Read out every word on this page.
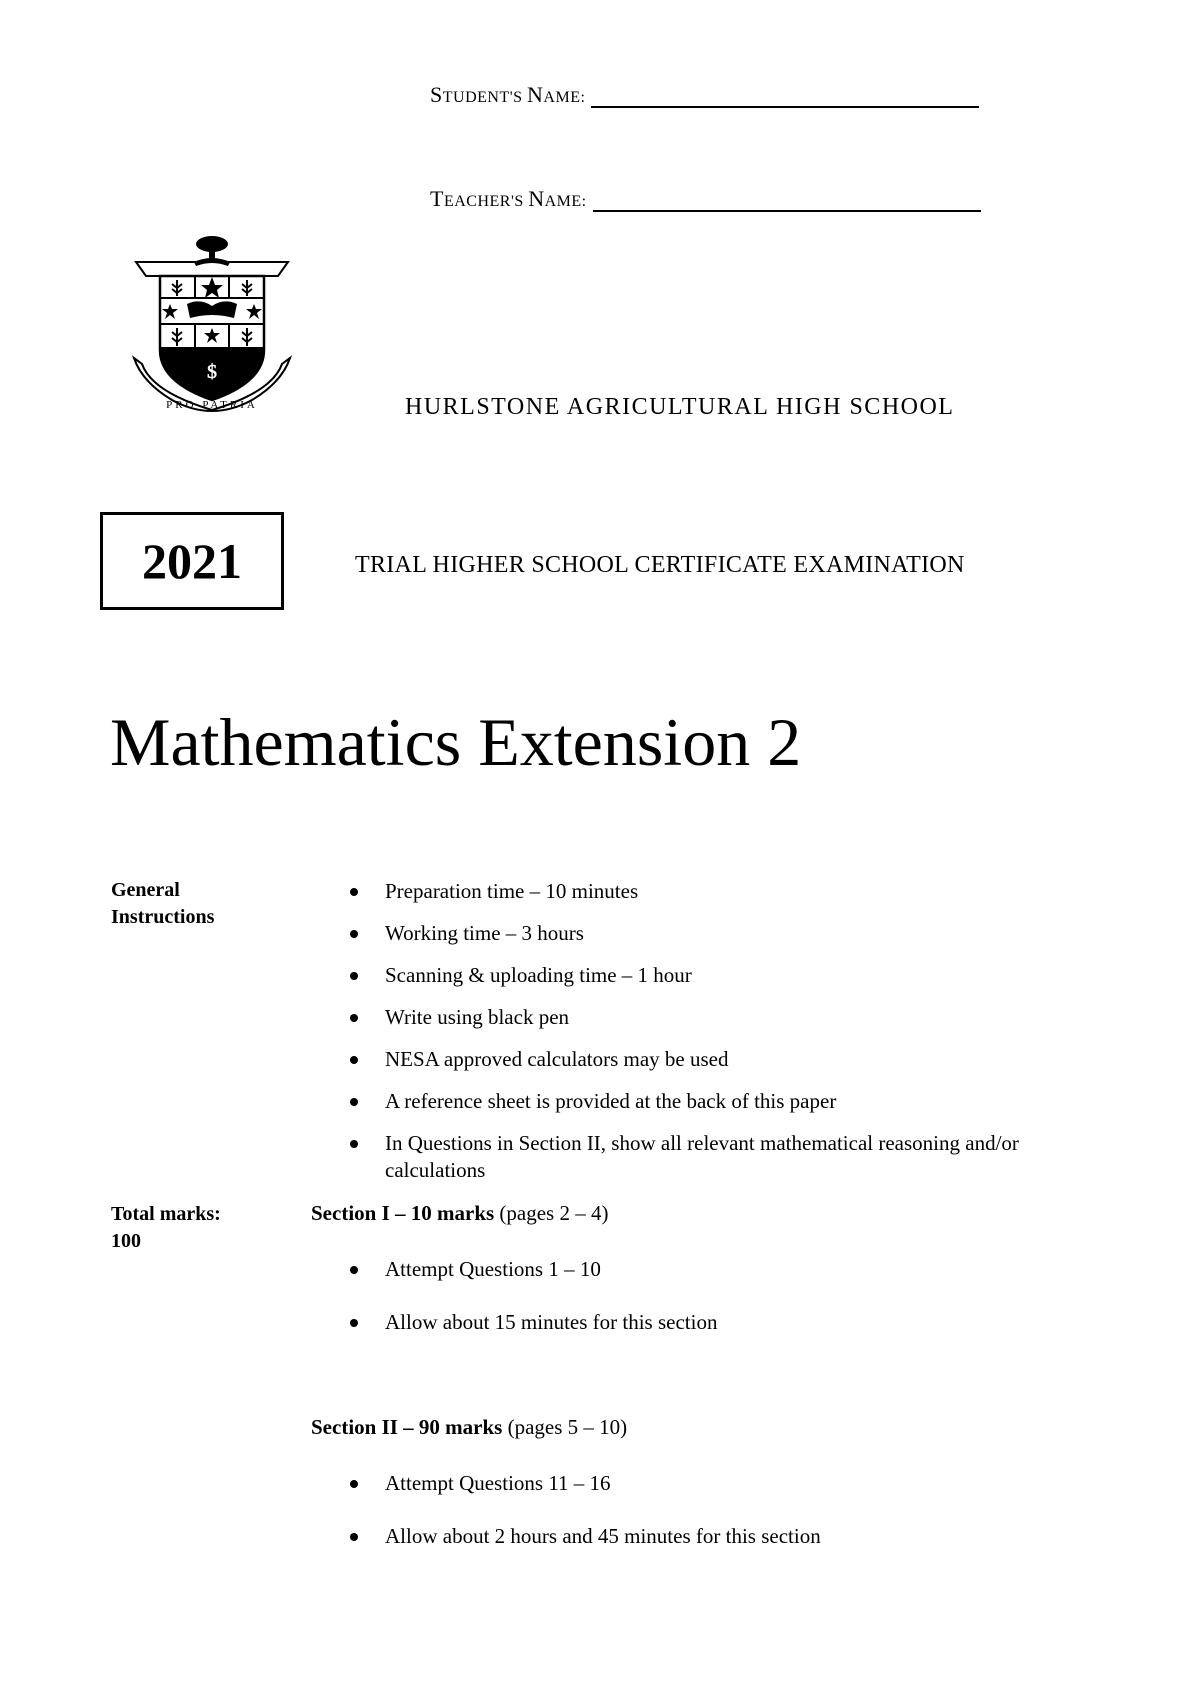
STUDENT'S NAME:
TEACHER'S NAME:
$
PRO PATRIA	HURLSTONE AGRICULTURAL HIGH SCHOOL
2021	TRIAL HIGHER SCHOOL CERTIFICATE EXAMINATION
Mathematics Extension 2
General Instructions
Preparation time – 10 minutes
Working time – 3 hours
Scanning & uploading time – 1 hour
Write using black pen
NESA approved calculators may be used
A reference sheet is provided at the back of this paper
In Questions in Section II, show all relevant mathematical reasoning and/or calculations
Total marks:
100
Section I – 10 marks (pages 2 – 4)
Attempt Questions 1 – 10
Allow about 15 minutes for this section
Section II – 90 marks (pages 5 – 10)
Attempt Questions 11 – 16
Allow about 2 hours and 45 minutes for this section
